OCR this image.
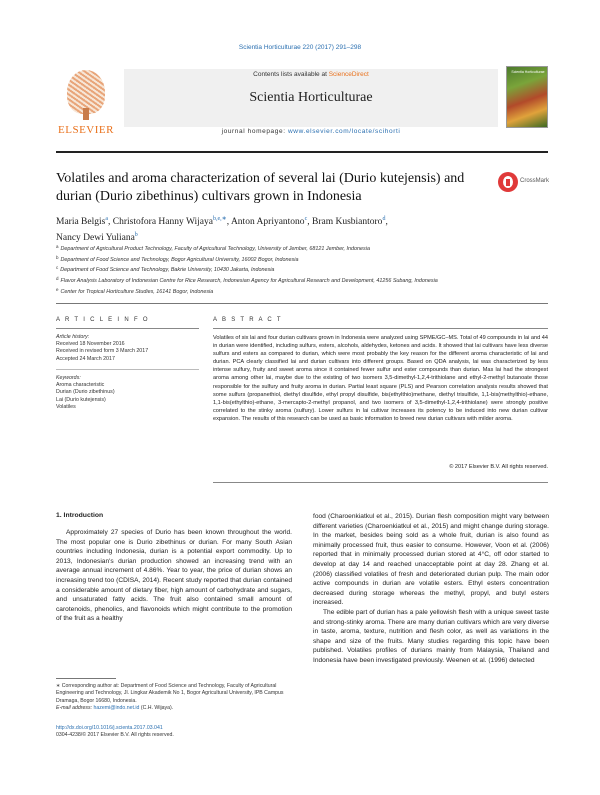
Scientia Horticulturae 220 (2017) 291–298
ELSEVIER
Contents lists available at ScienceDirect
Scientia Horticulturae
journal homepage: www.elsevier.com/locate/scihorti
Scientia Horticulturae
Volatiles and aroma characterization of several lai (Durio kutejensis) and durian (Durio zibethinus) cultivars grown in Indonesia
CrossMark
Maria Belgis$^a$, Christofora Hanny Wijaya$^{b,e,∗}$, Anton Apriyantono$^c$, Bram Kusbiantoro$^d$,
Nancy Dewi Yuliana$^b$
$^a$ Department of Agricultural Product Technology, Faculty of Agricultural Technology, University of Jember, 68121 Jember, Indonesia
$^b$ Department of Food Science and Technology, Bogor Agricultural University, 16002 Bogor, Indonesia
$^c$ Department of Food Science and Technology, Bakrie University, 10430 Jakarta, Indonesia
$^d$ Flavor Analysis Laboratory of Indonesian Centre for Rice Research, Indonesian Agency for Agricultural Research and Development, 41256 Subang, Indonesia
$^e$ Center for Tropical Horticulture Studies, 16141 Bogor, Indonesia
A R T I C L E I N F O
Article history:
Received 18 November 2016
Received in revised form 3 March 2017
Accepted 24 March 2017
Keywords:
Aroma characteristic
Durian (Durio zibethinus)
Lai (Durio kutejensis)
Volatiles
A B S T R A C T
Volatiles of six lai and four durian cultivars grown in Indonesia were analyzed using SPME/GC–MS. Total of 49 compounds in lai and 44 in durian were identified, including sulfurs, esters, alcohols, aldehydes, ketones and acids. It showed that lai cultivars have less diverse sulfurs and esters as compared to durian, which were most probably the key reason for the different aroma characteristic of lai and durian. PCA clearly classified lai and durian cultivars into different groups. Based on QDA analysis, lai was characterized by less intense sulfury, fruity and sweet aroma since it contained fewer sulfur and ester compounds than durian. Mas lai had the strongest aroma among other lai, maybe due to the existing of two isomers 3,5-dimethyl-1,2,4-trithiolane and ethyl-2-methyl butanoate those responsible for the sulfury and fruity aroma in durian. Partial least square (PLS) and Pearson correlation analysis results showed that some sulfurs (propanethiol, diethyl disulfide, ethyl propyl disulfide, bis(ethylthio)methane, diethyl trisulfide, 1,1-bis(methylthio)-ethane, 1,1-bis(ethylthio)-ethane, 3-mercapto-2-methyl propanol, and two isomers of 3,5-dimethyl-1,2,4-trithiolane) were strongly positive correlated to the stinky aroma (sulfury). Lower sulfurs in lai cultivar increases its potency to be induced into new durian cultivar expansion. The results of this research can be used as basic information to breed new durian cultivars with milder aroma.
© 2017 Elsevier B.V. All rights reserved.
1. Introduction

Approximately 27 species of Durio has been known throughout the world. The most popular one is Durio zibethinus or durian. For many South Asian countries including Indonesia, durian is a potential export commodity. Up to 2013, Indonesian's durian production showed an increasing trend with an average annual increment of 4.86%. Year to year, the price of durian shows an increasing trend too (CDISA, 2014). Recent study reported that durian contained a considerable amount of dietary fiber, high amount of carbohydrate and sugars, and unsaturated fatty acids. The fruit also contained small amount of carotenoids, phenolics, and flavonoids which might contribute to the promotion of the fruit as a healthy

food (Charoenkiatkul et al., 2015). Durian flesh composition might vary between different varieties (Charoenkiatkul et al., 2015) and might change during storage. In the market, besides being sold as a whole fruit, durian is also found as minimally processed fruit, thus easier to consume. However, Voon et al. (2006) reported that in minimally processed durian stored at 4°C, off odor started to develop at day 14 and reached unacceptable point at day 28. Zhang et al. (2006) classified volatiles of fresh and deteriorated durian pulp. The main odor active compounds in durian are volatile esters. Ethyl esters concentration decreased during storage whereas the methyl, propyl, and butyl esters increased.

The edible part of durian has a pale yellowish flesh with a unique sweet taste and strong-stinky aroma. There are many durian cultivars which are very diverse in taste, aroma, texture, nutrition and flesh color, as well as variations in the shape and size of the fruits. Many studies regarding this topic have been published. Volatiles profiles of durians mainly from Malaysia, Thailand and Indonesia have been investigated previously. Weenen et al. (1996) detected

∗ Corresponding author at: Department of Food Science and Technology, Faculty of Agricultural Engineering and Technology, Jl. Lingkar Akademik No 1, Bogor Agricultural University, IPB Campus Dramaga, Bogor 16680, Indonesia.
E-mail address: hazemi@indo.net.id (C.H. Wijaya).
http://dx.doi.org/10.1016/j.scienta.2017.03.041
0304-4238/© 2017 Elsevier B.V. All rights reserved.
